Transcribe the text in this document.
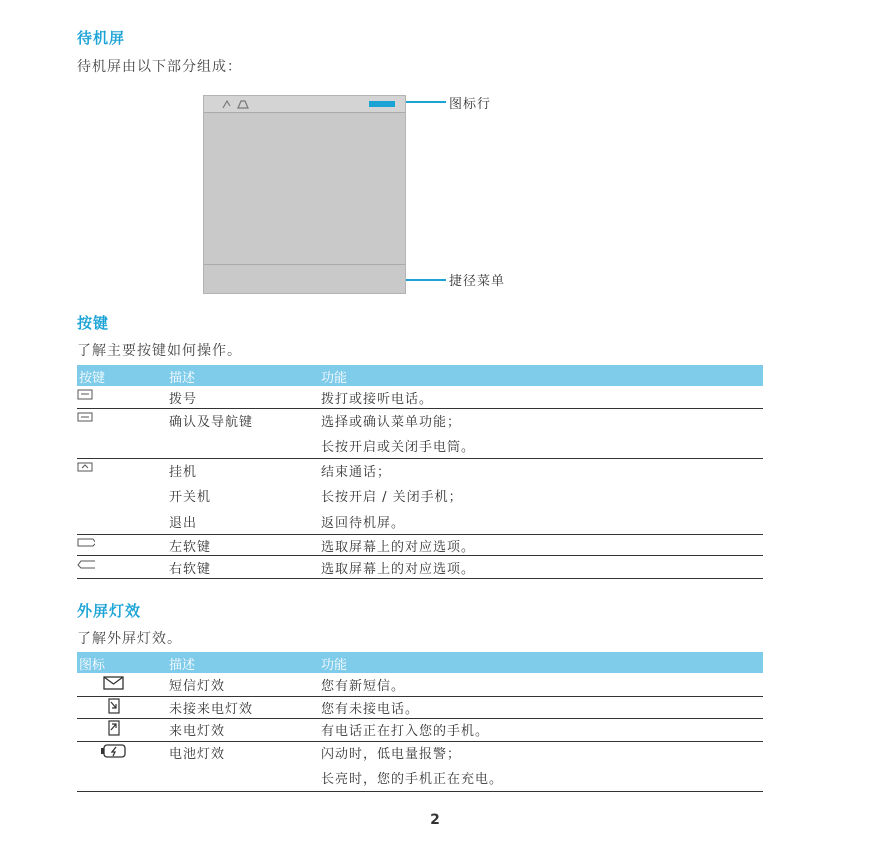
待机屏
待机屏由以下部分组成：
图标行
捷径菜单
按键
了解主要按键如何操作。
按键	描述	功能
拨号	拨打或接听电话。
确认及导航键	选择或确认菜单功能；
长按开启或关闭手电筒。
挂机	结束通话；
开关机	长按开启 / 关闭手机；
退出	返回待机屏。
左软键	选取屏幕上的对应选项。
右软键	选取屏幕上的对应选项。
外屏灯效
了解外屏灯效。
图标	描述	功能
短信灯效	您有新短信。
未接来电灯效	您有未接电话。
来电灯效	有电话正在打入您的手机。
电池灯效	闪动时，低电量报警；
长亮时，您的手机正在充电。
2
